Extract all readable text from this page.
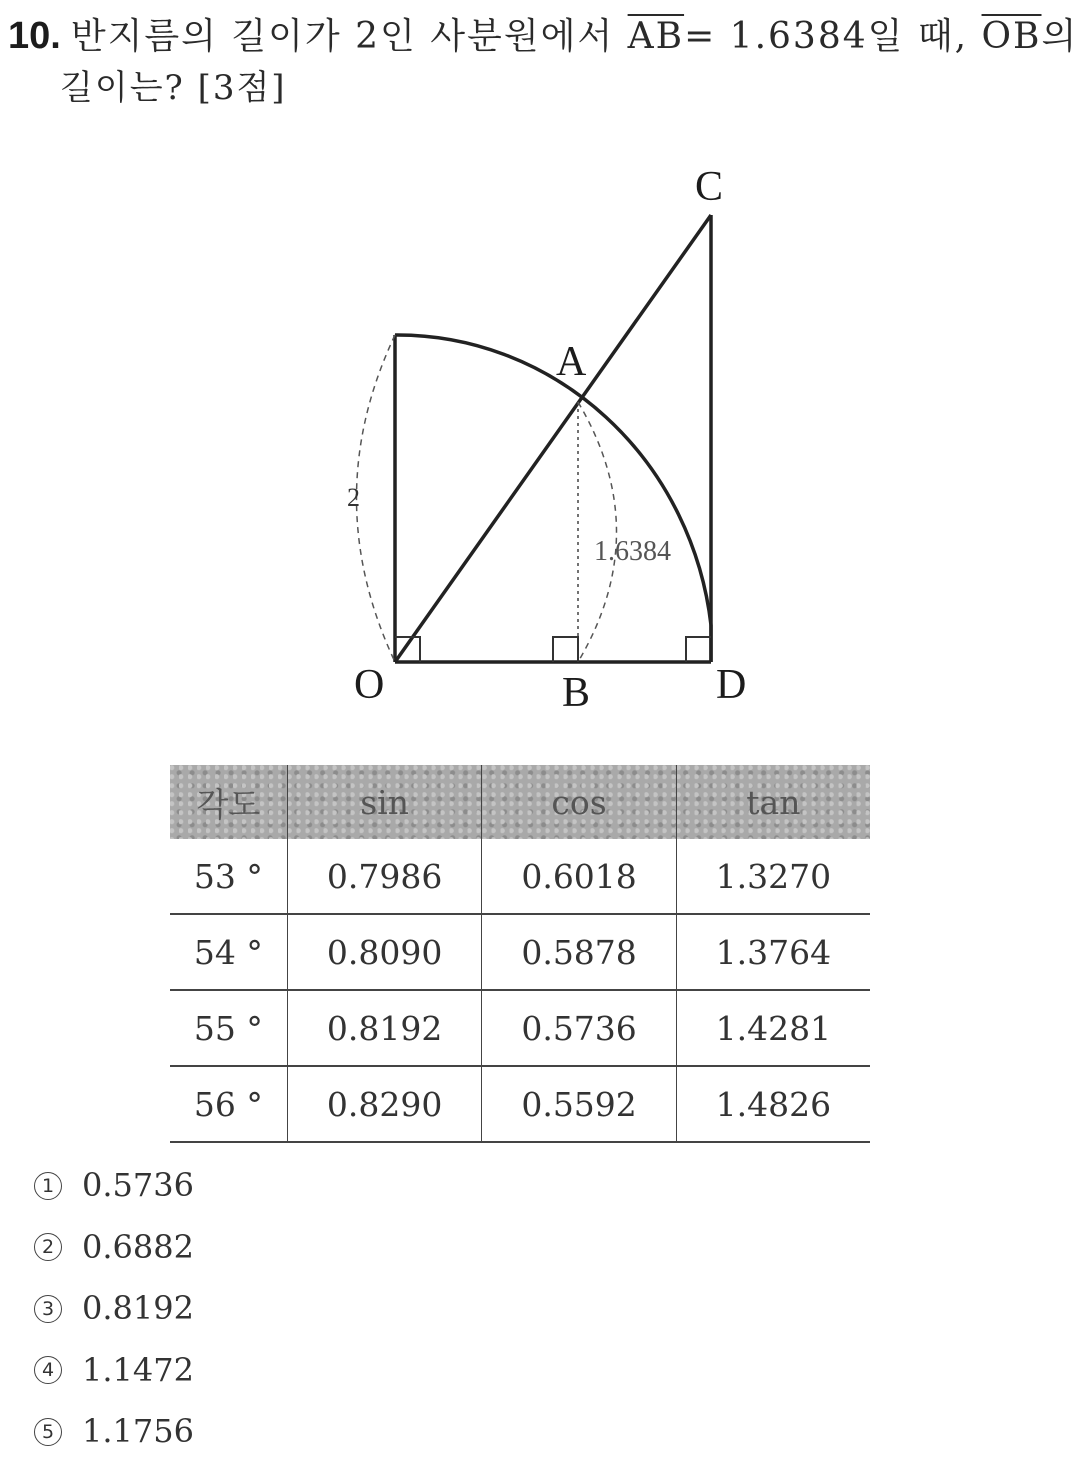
10. 반지름의 길이가 2인 사분원에서 $\overline{AB}= 1.6384$일 때, $\overline{OB}$의
길이는? [3점]
C
A
O	B	D
2
1.6384
각도	sin	cos	tan
53 °	0.7986	0.6018	1.3270
54 °	0.8090	0.5878	1.3764
55 °	0.8192	0.5736	1.4281
56 °	0.8290	0.5592	1.4826
1 0.5736
2 0.6882
3 0.8192
4 1.1472
5 1.1756
